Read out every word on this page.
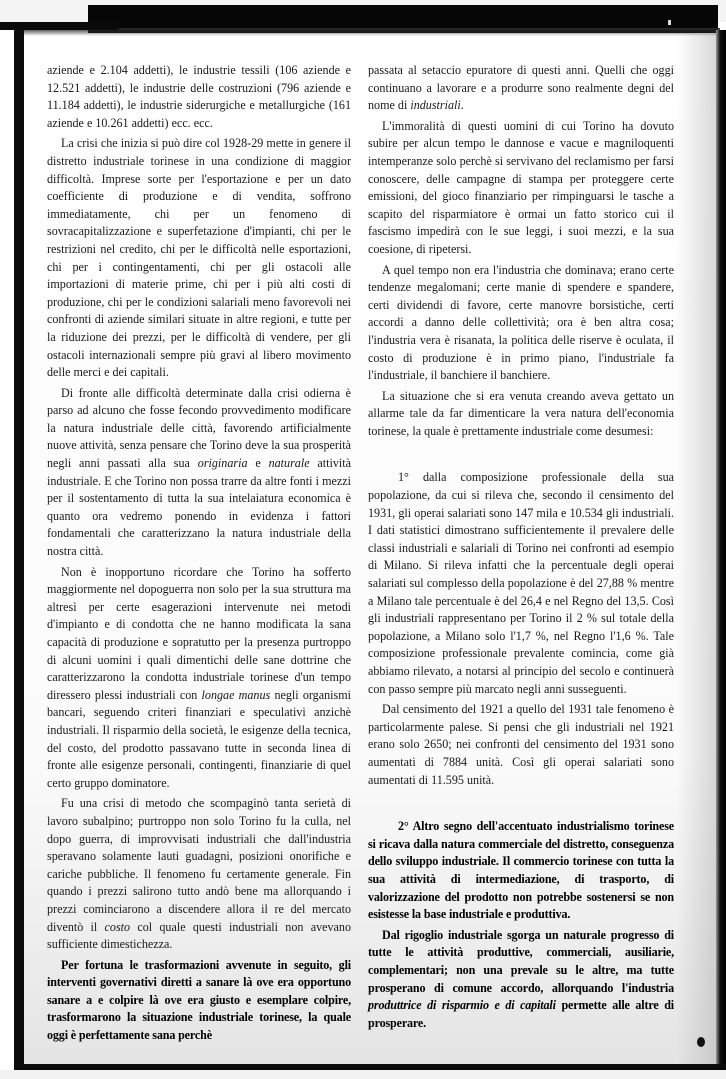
aziende e 2.104 addetti), le industrie tessili (106 aziende e 12.521 addetti), le industrie delle costruzioni (796 aziende e 11.184 addetti), le industrie siderurgiche e metallurgiche (161 aziende e 10.261 addetti) ecc. ecc.

La crisi che inizia si può dire col 1928-29 mette in genere il distretto industriale torinese in una condizione di maggior difficoltà. Imprese sorte per l'esportazione e per un dato coefficiente di produzione e di vendita, soffrono immediatamente, chi per un fenomeno di sovracapitalizzazione e superfetazione d'impianti, chi per le restrizioni nel credito, chi per le difficoltà nelle esportazioni, chi per i contingentamenti, chi per gli ostacoli alle importazioni di materie prime, chi per i più alti costi di produzione, chi per le condizioni salariali meno favorevoli nei confronti di aziende similari situate in altre regioni, e tutte per la riduzione dei prezzi, per le difficoltà di vendere, per gli ostacoli internazionali sempre più gravi al libero movimento delle merci e dei capitali.

Di fronte alle difficoltà determinate dalla crisi odierna è parso ad alcuno che fosse fecondo provvedimento modificare la natura industriale delle città, favorendo artificialmente nuove attività, senza pensare che Torino deve la sua prosperità negli anni passati alla sua originaria e naturale attività industriale. E che Torino non possa trarre da altre fonti i mezzi per il sostentamento di tutta la sua intelaiatura economica è quanto ora vedremo ponendo in evidenza i fattori fondamentali che caratterizzano la natura industriale della nostra città.

Non è inopportuno ricordare che Torino ha sofferto maggiormente nel dopoguerra non solo per la sua struttura ma altresì per certe esagerazioni intervenute nei metodi d'impianto e di condotta che ne hanno modificata la sana capacità di produzione e sopratutto per la presenza purtroppo di alcuni uomini i quali dimentichi delle sane dottrine che caratterizzarono la condotta industriale torinese d'un tempo diressero plessi industriali con longae manus negli organismi bancari, seguendo criteri finanziari e speculativi anzichè industriali. Il risparmio della società, le esigenze della tecnica, del costo, del prodotto passavano tutte in seconda linea di fronte alle esigenze personali, contingenti, finanziarie di quel certo gruppo dominatore.

Fu una crisi di metodo che scompaginò tanta serietà di lavoro subalpino; purtroppo non solo Torino fu la culla, nel dopo guerra, di improvvisati industriali che dall'industria speravano solamente lauti guadagni, posizioni onorifiche e cariche pubbliche. Il fenomeno fu certamente generale. Fin quando i prezzi salirono tutto andò bene ma allorquando i prezzi cominciarono a discendere allora il re del mercato diventò il costo col quale questi industriali non avevano sufficiente dimestichezza.

Per fortuna le trasformazioni avvenute in seguito, gli interventi governativi diretti a sanare là ove era opportuno sanare a e colpire là ove era giusto e esemplare colpire, trasformarono la situazione industriale torinese, la quale oggi è perfettamente sana perchè

passata al setaccio epuratore di questi anni. Quelli che oggi continuano a lavorare e a produrre sono realmente degni del nome di industriali.

L'immoralità di questi uomini di cui Torino ha dovuto subire per alcun tempo le dannose e vacue e magniloquenti intemperanze solo perchè si servivano del reclamismo per farsi conoscere, delle campagne di stampa per proteggere certe emissioni, del gioco finanziario per rimpinguarsi le tasche a scapito del risparmiatore è ormai un fatto storico cui il fascismo impedirà con le sue leggi, i suoi mezzi, e la sua coesione, di ripetersi.

A quel tempo non era l'industria che dominava; erano certe tendenze megalomani; certe manie di spendere e spandere, certi dividendi di favore, certe manovre borsistiche, certi accordi a danno delle collettività; ora è ben altra cosa; l'industria vera è risanata, la politica delle riserve è oculata, il costo di produzione è in primo piano, l'industriale fa l'industriale, il banchiere il banchiere.

La situazione che si era venuta creando aveva gettato un allarme tale da far dimenticare la vera natura dell'economia torinese, la quale è prettamente industriale come desumesi:

1° dalla composizione professionale della sua popolazione, da cui si rileva che, secondo il censimento del 1931, gli operai salariati sono 147 mila e 10.534 gli industriali. I dati statistici dimostrano sufficientemente il prevalere delle classi industriali e salariali di Torino nei confronti ad esempio di Milano. Si rileva infatti che la percentuale degli operai salariati sul complesso della popolazione è del 27,88 % mentre a Milano tale percentuale è del 26,4 e nel Regno del 13,5. Così gli industriali rappresentano per Torino il 2 % sul totale della popolazione, a Milano solo l'1,7 %, nel Regno l'1,6 %. Tale composizione professionale prevalente comincia, come già abbiamo rilevato, a notarsi al principio del secolo e continuerà con passo sempre più marcato negli anni susseguenti.

Dal censimento del 1921 a quello del 1931 tale fenomeno è particolarmente palese. Si pensi che gli industriali nel 1921 erano solo 2650; nei confronti del censimento del 1931 sono aumentati di 7884 unità. Così gli operai salariati sono aumentati di 11.595 unità.

2° Altro segno dell'accentuato industrialismo torinese si ricava dalla natura commerciale del distretto, conseguenza dello sviluppo industriale. Il commercio torinese con tutta la sua attività di intermediazione, di trasporto, di valorizzazione del prodotto non potrebbe sostenersi se non esistesse la base industriale e produttiva.

Dal rigoglio industriale sgorga un naturale progresso di tutte le attività produttive, commerciali, ausiliarie, complementari; non una prevale su le altre, ma tutte prosperano di comune accordo, allorquando l'industria produttrice di risparmio e di capitali permette alle altre di prosperare.
